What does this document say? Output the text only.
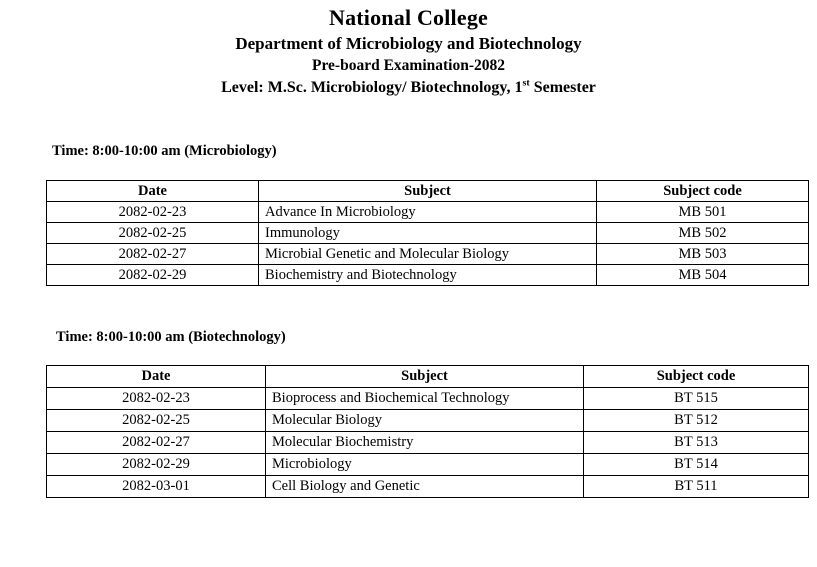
National College
Department of Microbiology and Biotechnology
Pre-board Examination-2082
Level: M.Sc. Microbiology/ Biotechnology, 1st Semester
Time: 8:00-10:00 am (Microbiology)
Date	Subject	Subject code
2082-02-23	Advance In Microbiology	MB 501
2082-02-25	Immunology	MB 502
2082-02-27	Microbial Genetic and Molecular Biology	MB 503
2082-02-29	Biochemistry and Biotechnology	MB 504
Time: 8:00-10:00 am (Biotechnology)
Date	Subject	Subject code
2082-02-23	Bioprocess and Biochemical Technology	BT 515
2082-02-25	Molecular Biology	BT 512
2082-02-27	Molecular Biochemistry	BT 513
2082-02-29	Microbiology	BT 514
2082-03-01	Cell Biology and Genetic	BT 511
